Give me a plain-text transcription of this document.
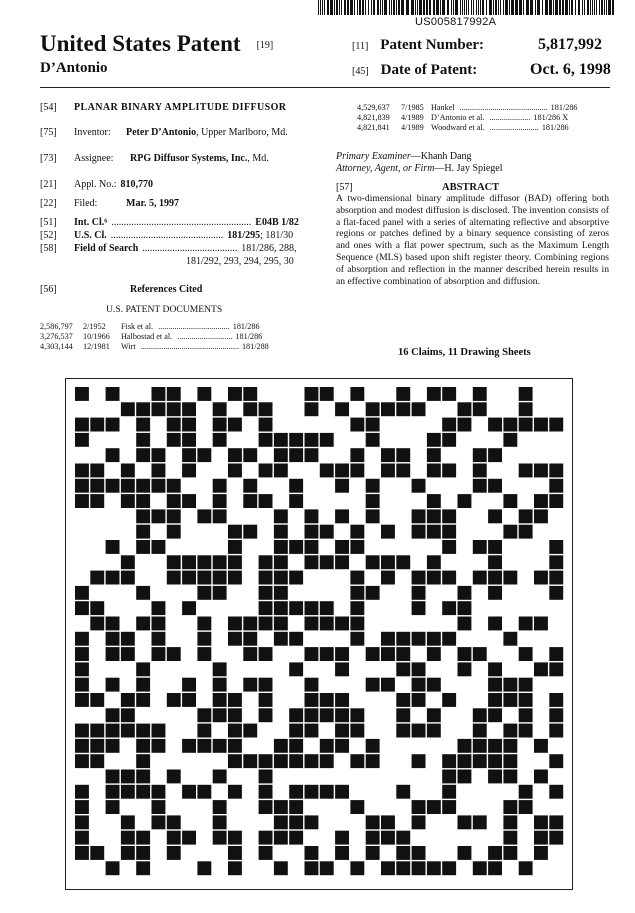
US005817992A
United States Patent [19]
D’Antonio
[11] Patent Number:	5,817,992
[45] Date of Patent:	Oct. 6, 1998
[54] PLANAR BINARY AMPLITUDE DIFFUSOR
[75] Inventor: Peter D’Antonio, Upper Marlboro, Md.
[73] Assignee: RPG Diffusor Systems, Inc., Md.
[21] Appl. No.: 810,770
[22] Filed:	Mar. 5, 1997
[51] Int. Cl.⁶ ........................................................ E04B 1/82
[52] U.S. Cl. ............................................. 181/295; 181/30
[58] Field of Search ...................................... 181/286, 288,
181/292, 293, 294, 295, 30
[56]	References Cited
U.S. PATENT DOCUMENTS
2,586,797 2/1952 Fisk et al. ................................... 181/286
3,276,537 10/1966 Halbostad et al. ........................... 181/286
4,303,144 12/1981 Wirt ................................................ 181/288
4,529,637 7/1985 Hankel ........................................... 181/286
4,821,839 4/1989 D’Antonio et al. .................... 181/286 X
4,821,841 4/1989 Woodward et al. ........................ 181/286
Primary Examiner—Khanh Dang
Attorney, Agent, or Firm—H. Jay Spiegel
[57]	ABSTRACT
A two-dimensional binary amplitude diffusor (BAD) offering both absorption and modest diffusion is disclosed. The invention consists of a flat-faced panel with a series of alternating reflective and absorptive regions or patches defined by a binary sequence consisting of zeros and ones with a flat power spectrum, such as the Maximum Length Sequence (MLS) based upon shift register theory. Combining regions of absorption and reflection in the manner described herein results in an effective combination of absorption and diffusion.
16 Claims, 11 Drawing Sheets
